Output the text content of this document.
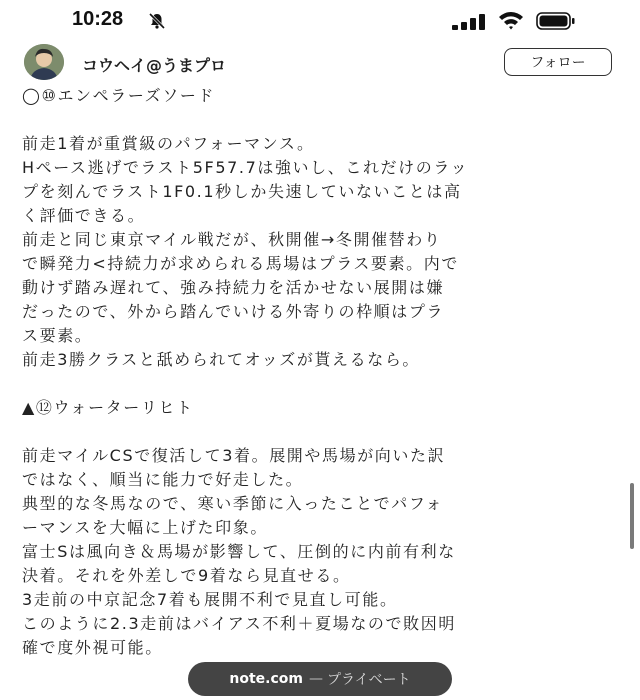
10:28
コウヘイ@うまプロ	フォロー
◯⑩エンペラーズソード
前走1着が重賞級のパフォーマンス。
Hペース逃げでラスト5F57.7は強いし、これだけのラッ
プを刻んでラスト1F0.1秒しか失速していないことは高
く評価できる。
前走と同じ東京マイル戦だが、秋開催→冬開催替わり
で瞬発力<持続力が求められる馬場はプラス要素。内で
動けず踏み遅れて、強み持続力を活かせない展開は嫌
だったので、外から踏んでいける外寄りの枠順はプラ
ス要素。
前走3勝クラスと舐められてオッズが貰えるなら。
▲⑫ウォーターリヒト
前走マイルCSで復活して3着。展開や馬場が向いた訳
ではなく、順当に能力で好走した。
典型的な冬馬なので、寒い季節に入ったことでパフォ
ーマンスを大幅に上げた印象。
富士Sは風向き＆馬場が影響して、圧倒的に内前有利な
決着。それを外差しで9着なら見直せる。
3走前の中京記念7着も展開不利で見直し可能。
このように2.3走前はバイアス不利＋夏場なので敗因明
確で度外視可能。
note.com — プライベート
